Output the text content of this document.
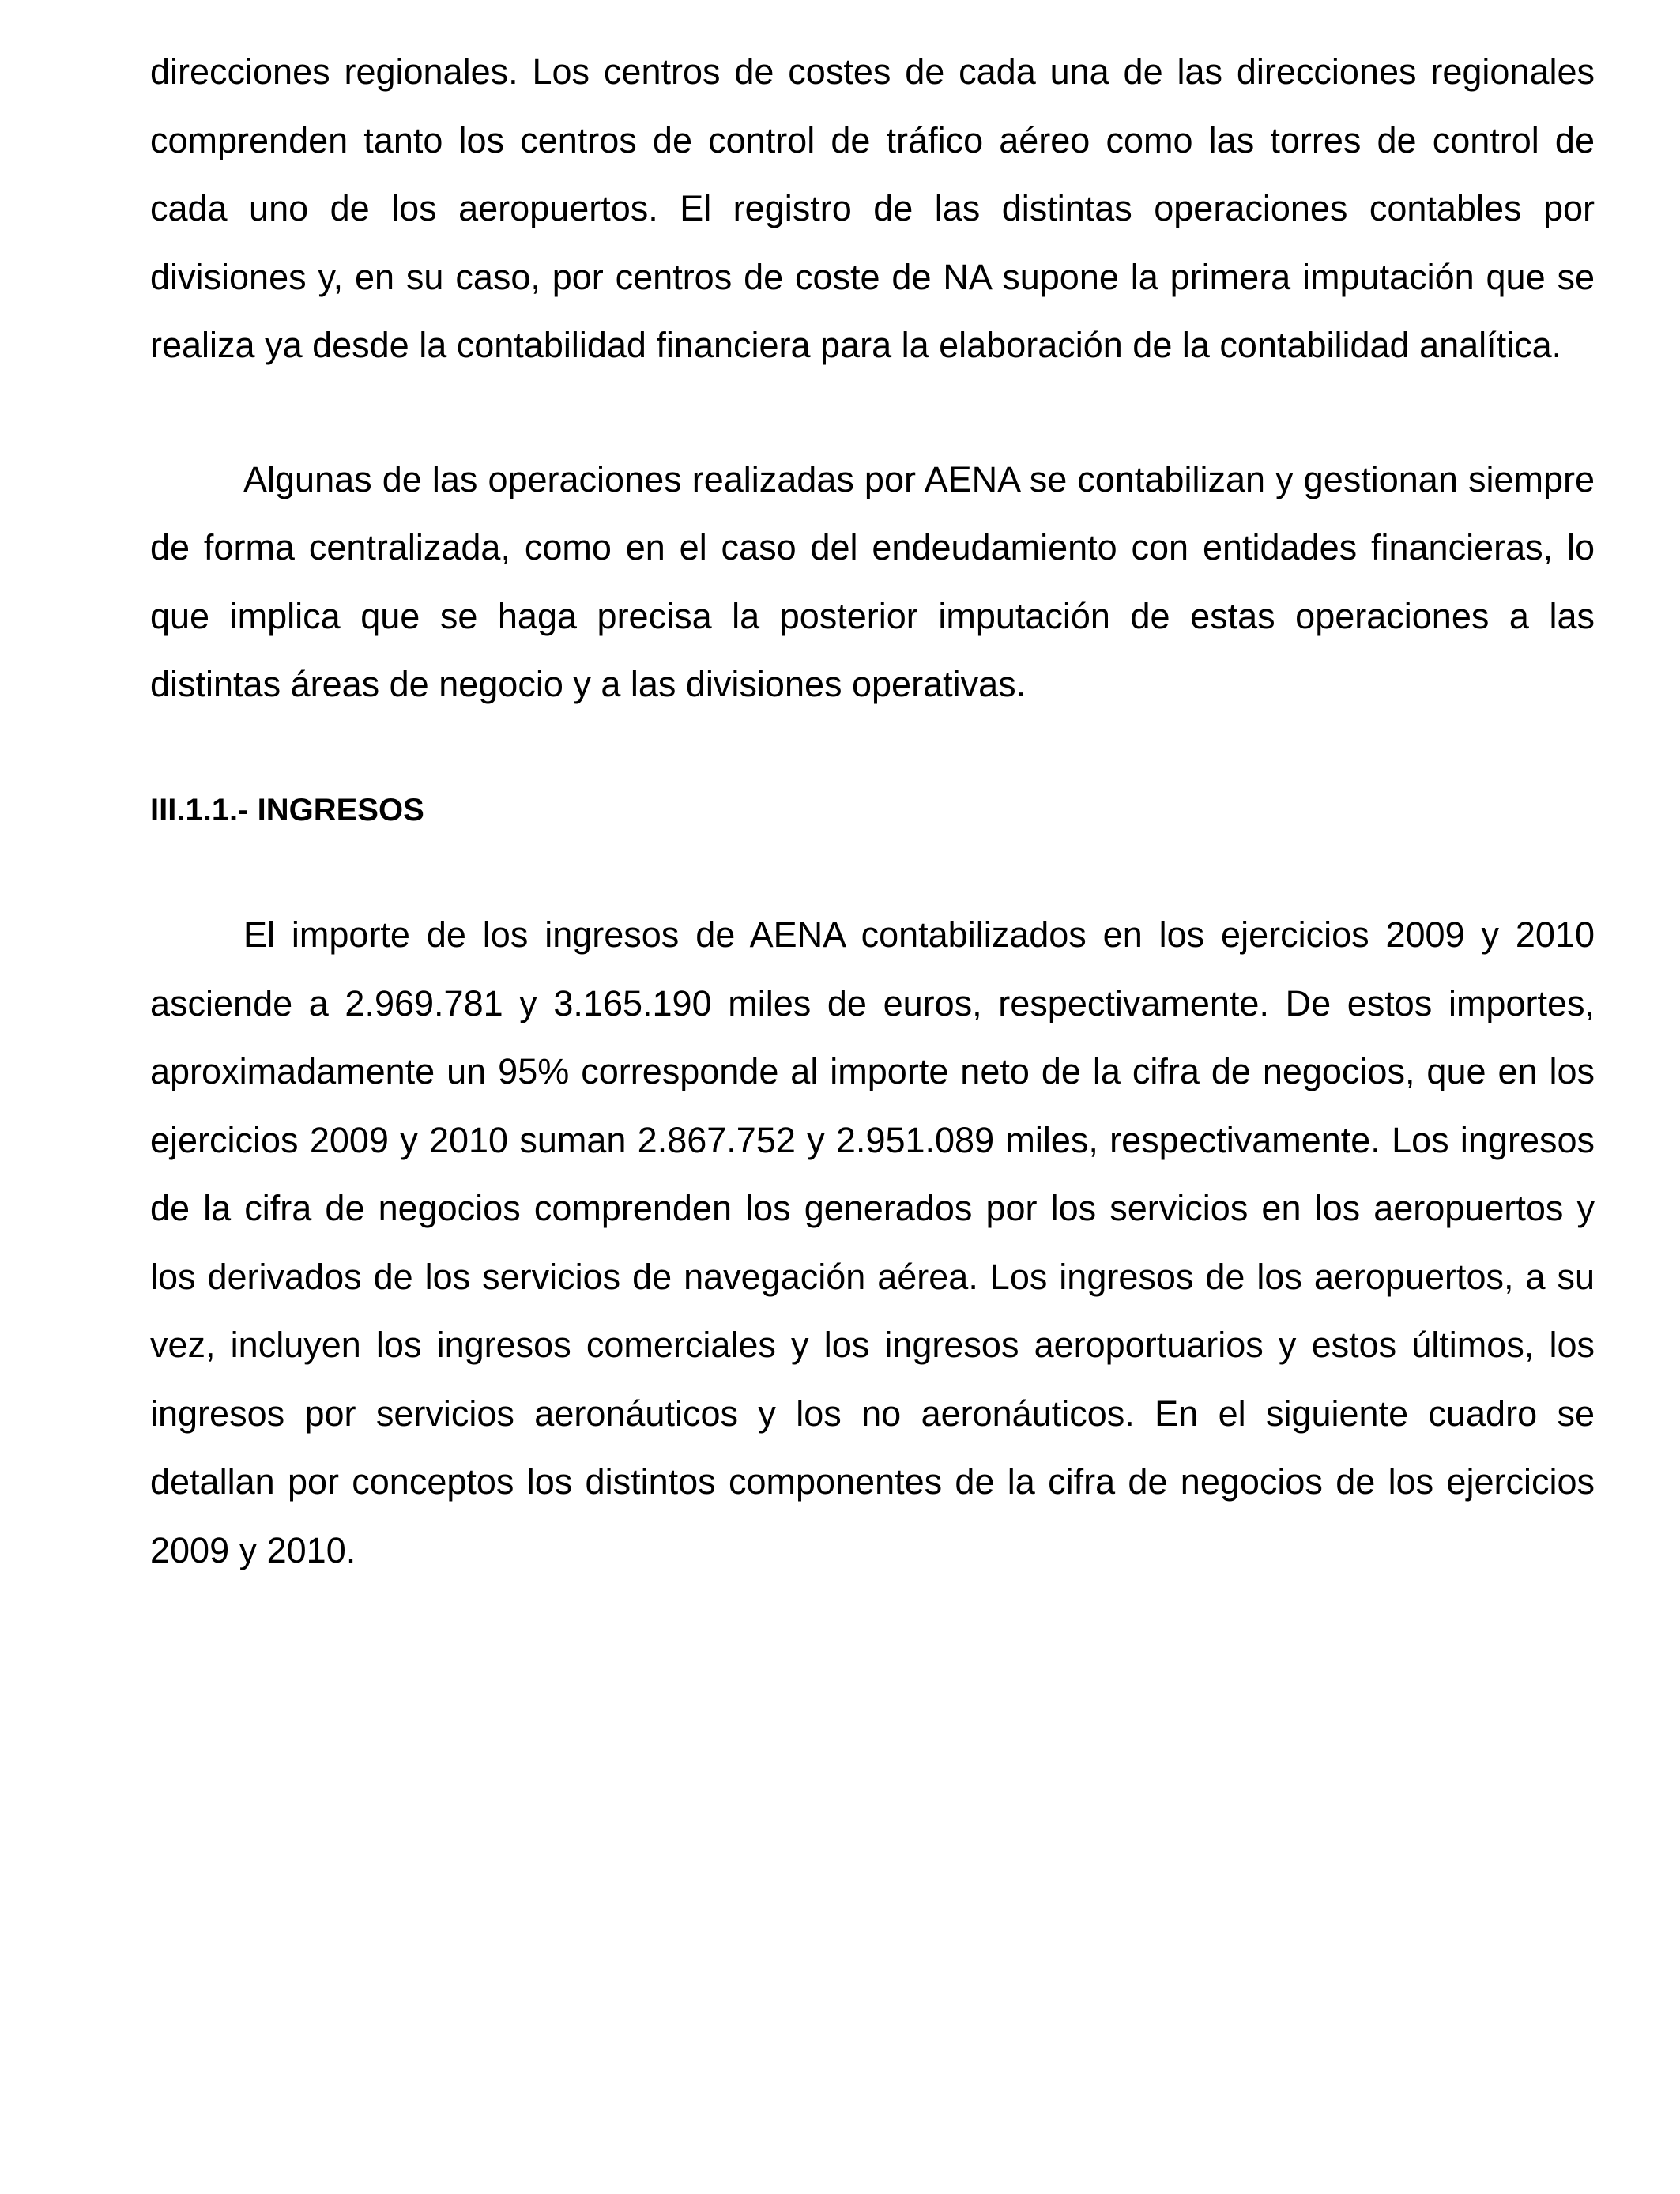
direcciones regionales. Los centros de costes de cada una de las direcciones regionales comprenden tanto los centros de control de tráfico aéreo como las torres de control de cada uno de los aeropuertos. El registro de las distintas operaciones contables por divisiones y, en su caso, por centros de coste de NA supone la primera imputación que se realiza ya desde la contabilidad financiera para la elaboración de la contabilidad analítica.

Algunas de las operaciones realizadas por AENA se contabilizan y gestionan siempre de forma centralizada, como en el caso del endeudamiento con entidades financieras, lo que implica que se haga precisa la posterior imputación de estas operaciones a las distintas áreas de negocio y a las divisiones operativas.

III.1.1.- INGRESOS

El importe de los ingresos de AENA contabilizados en los ejercicios 2009 y 2010 asciende a 2.969.781 y 3.165.190 miles de euros, respectivamente. De estos importes, aproximadamente un 95% corresponde al importe neto de la cifra de negocios, que en los ejercicios 2009 y 2010 suman 2.867.752 y 2.951.089 miles, respectivamente. Los ingresos de la cifra de negocios comprenden los generados por los servicios en los aeropuertos y los derivados de los servicios de navegación aérea. Los ingresos de los aeropuertos, a su vez, incluyen los ingresos comerciales y los ingresos aeroportuarios y estos últimos, los ingresos por servicios aeronáuticos y los no aeronáuticos. En el siguiente cuadro se detallan por conceptos los distintos componentes de la cifra de negocios de los ejercicios 2009 y 2010.
